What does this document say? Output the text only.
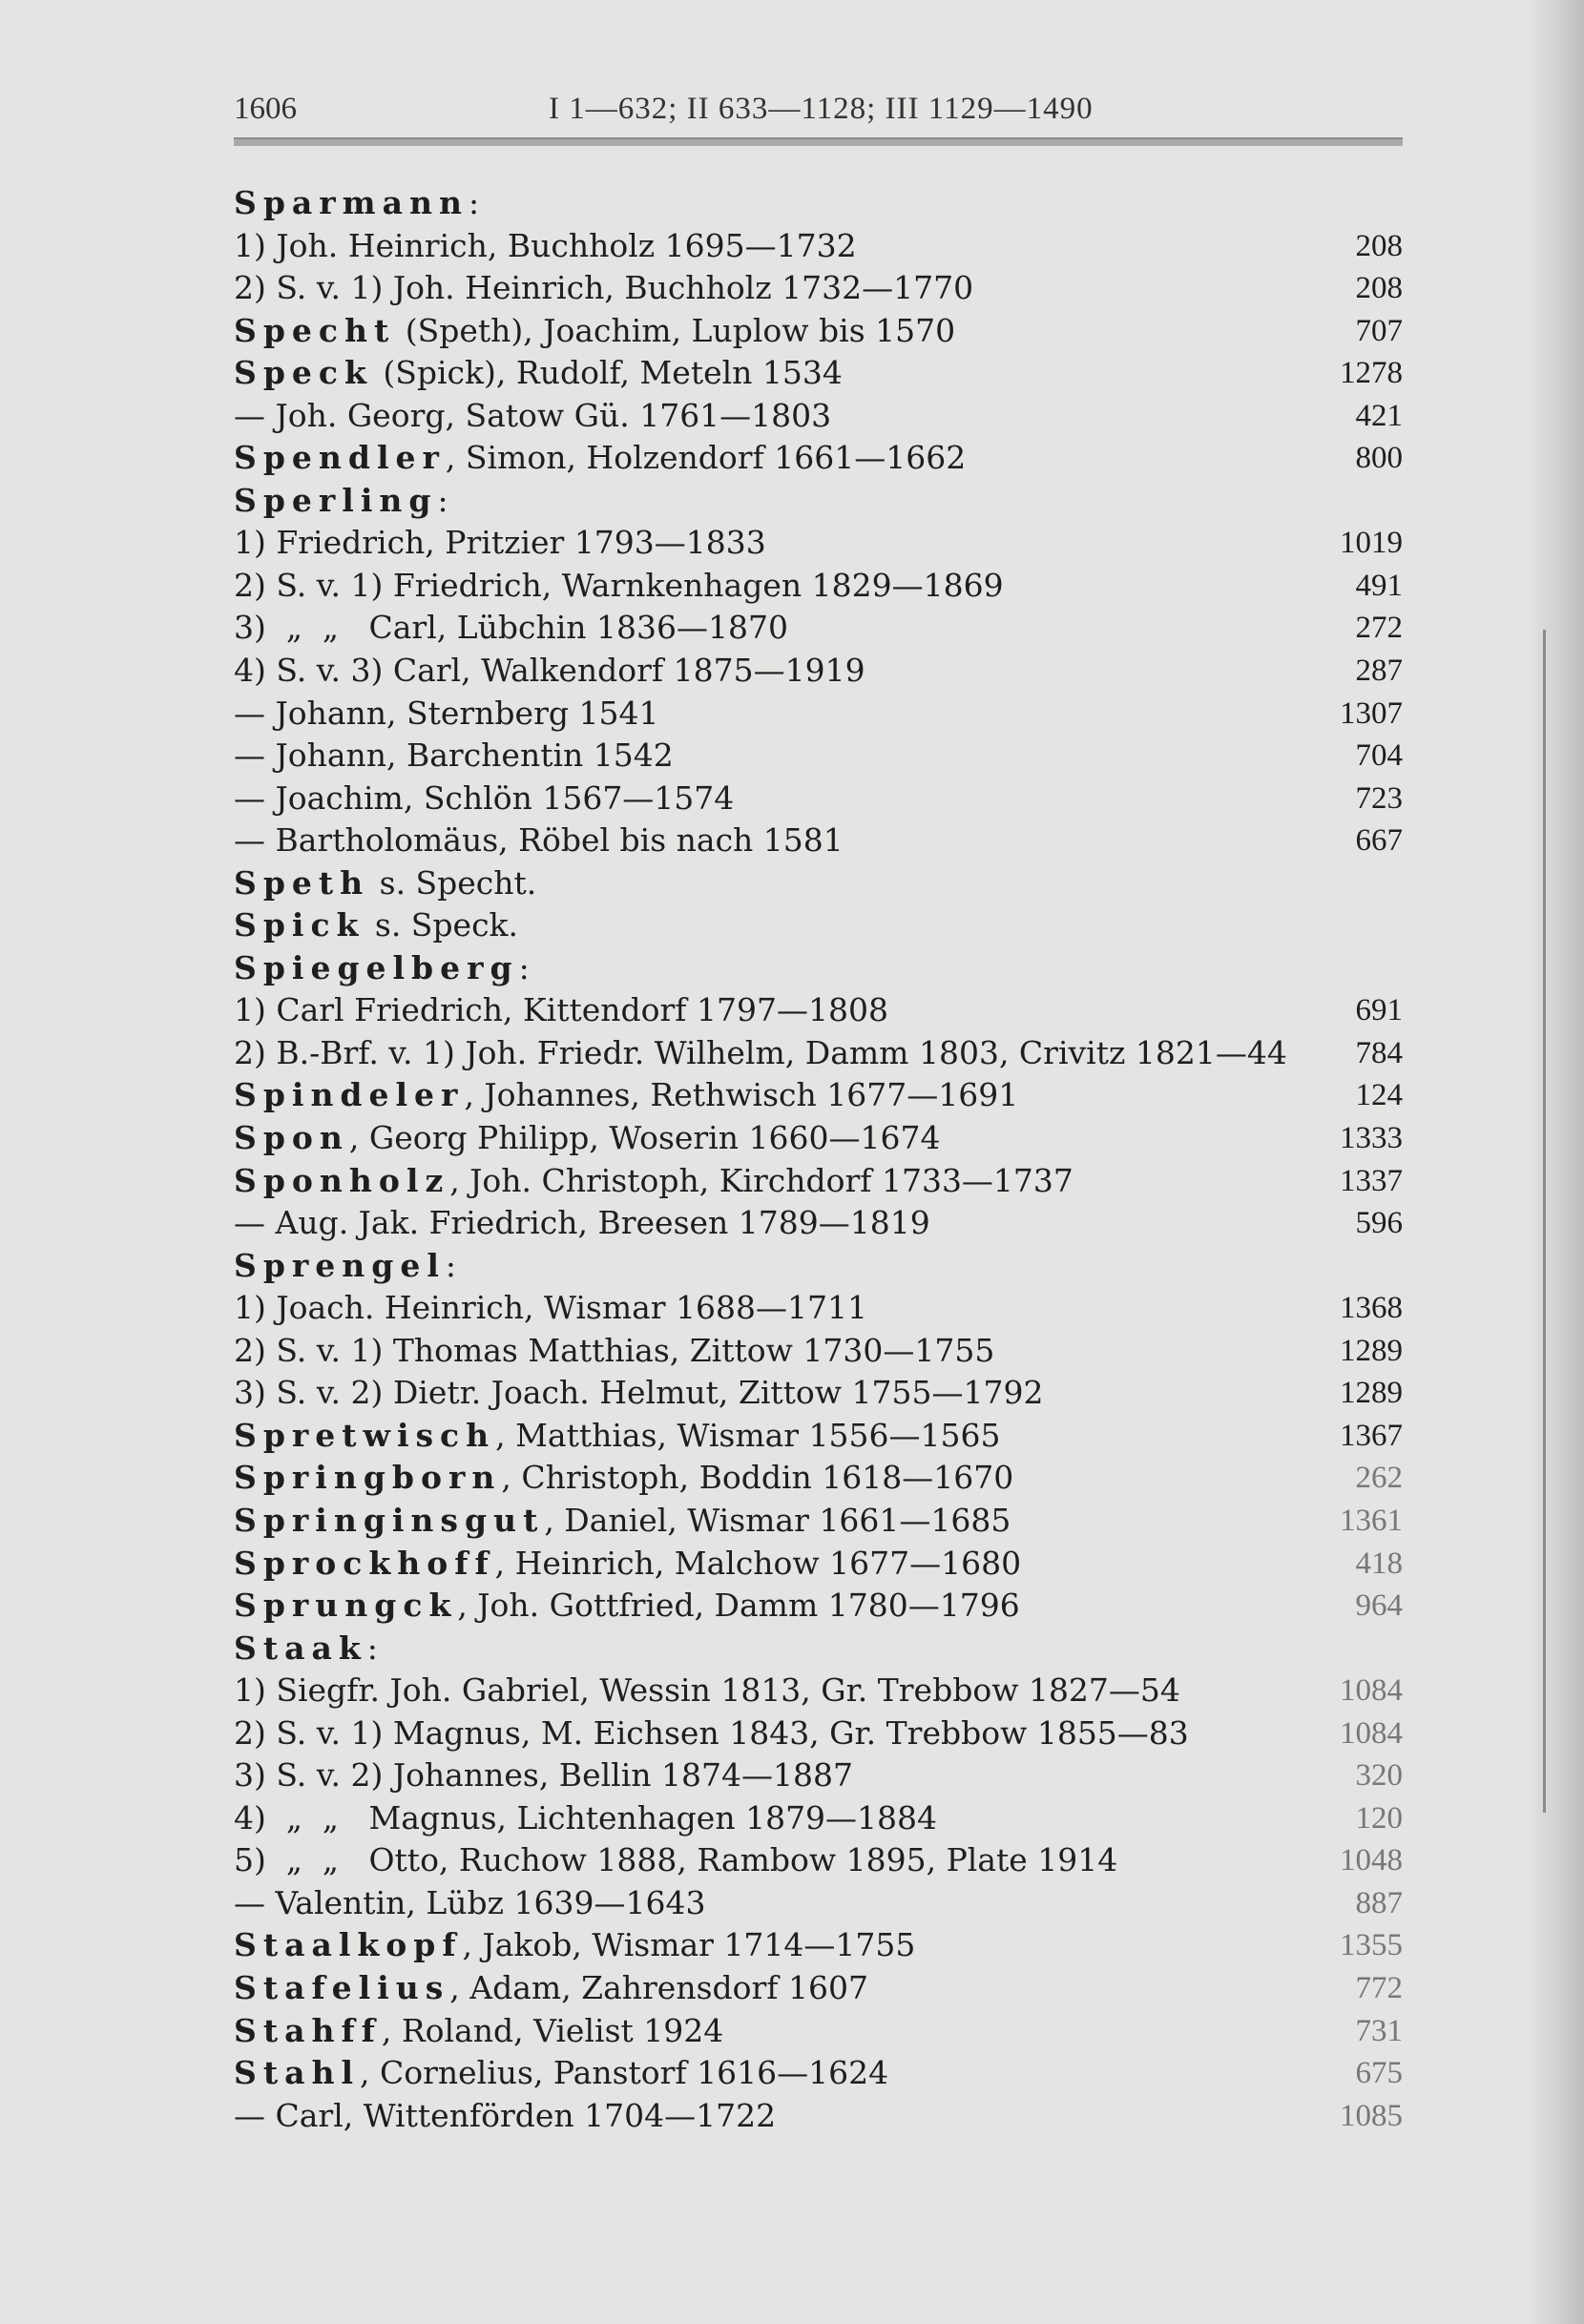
1606	I 1—632; II 633—1128; III 1129—1490
Sparmann:
1) Joh. Heinrich, Buchholz 1695—1732	208
2) S. v. 1) Joh. Heinrich, Buchholz 1732—1770	208
Specht (Speth), Joachim, Luplow bis 1570	707
Speck (Spick), Rudolf, Meteln 1534	1278
— Joh. Georg, Satow Gü. 1761—1803	421
Spendler, Simon, Holzendorf 1661—1662	800
Sperling:
1) Friedrich, Pritzier 1793—1833	1019
2) S. v. 1) Friedrich, Warnkenhagen 1829—1869	491
3)  „  „   Carl, Lübchin 1836—1870	272
4) S. v. 3) Carl, Walkendorf 1875—1919	287
— Johann, Sternberg 1541	1307
— Johann, Barchentin 1542	704
— Joachim, Schlön 1567—1574	723
— Bartholomäus, Röbel bis nach 1581	667
Speth s. Specht.
Spick s. Speck.
Spiegelberg:
1) Carl Friedrich, Kittendorf 1797—1808	691
2) B.-Brf. v. 1) Joh. Friedr. Wilhelm, Damm 1803, Crivitz 1821—44 784
Spindeler, Johannes, Rethwisch 1677—1691	124
Spon, Georg Philipp, Woserin 1660—1674	1333
Sponholz, Joh. Christoph, Kirchdorf 1733—1737	1337
— Aug. Jak. Friedrich, Breesen 1789—1819	596
Sprengel:
1) Joach. Heinrich, Wismar 1688—1711	1368
2) S. v. 1) Thomas Matthias, Zittow 1730—1755	1289
3) S. v. 2) Dietr. Joach. Helmut, Zittow 1755—1792	1289
Spretwisch, Matthias, Wismar 1556—1565	1367
Springborn, Christoph, Boddin 1618—1670	262
Springinsgut, Daniel, Wismar 1661—1685	1361
Sprockhoff, Heinrich, Malchow 1677—1680	418
Sprungck, Joh. Gottfried, Damm 1780—1796	964
Staak:
1) Siegfr. Joh. Gabriel, Wessin 1813, Gr. Trebbow 1827—54	1084
2) S. v. 1) Magnus, M. Eichsen 1843, Gr. Trebbow 1855—83	1084
3) S. v. 2) Johannes, Bellin 1874—1887	320
4)  „  „   Magnus, Lichtenhagen 1879—1884	120
5)  „  „   Otto, Ruchow 1888, Rambow 1895, Plate 1914	1048
— Valentin, Lübz 1639—1643	887
Staalkopf, Jakob, Wismar 1714—1755	1355
Stafelius, Adam, Zahrensdorf 1607	772
Stahff, Roland, Vielist 1924	731
Stahl, Cornelius, Panstorf 1616—1624	675
— Carl, Wittenförden 1704—1722	1085
